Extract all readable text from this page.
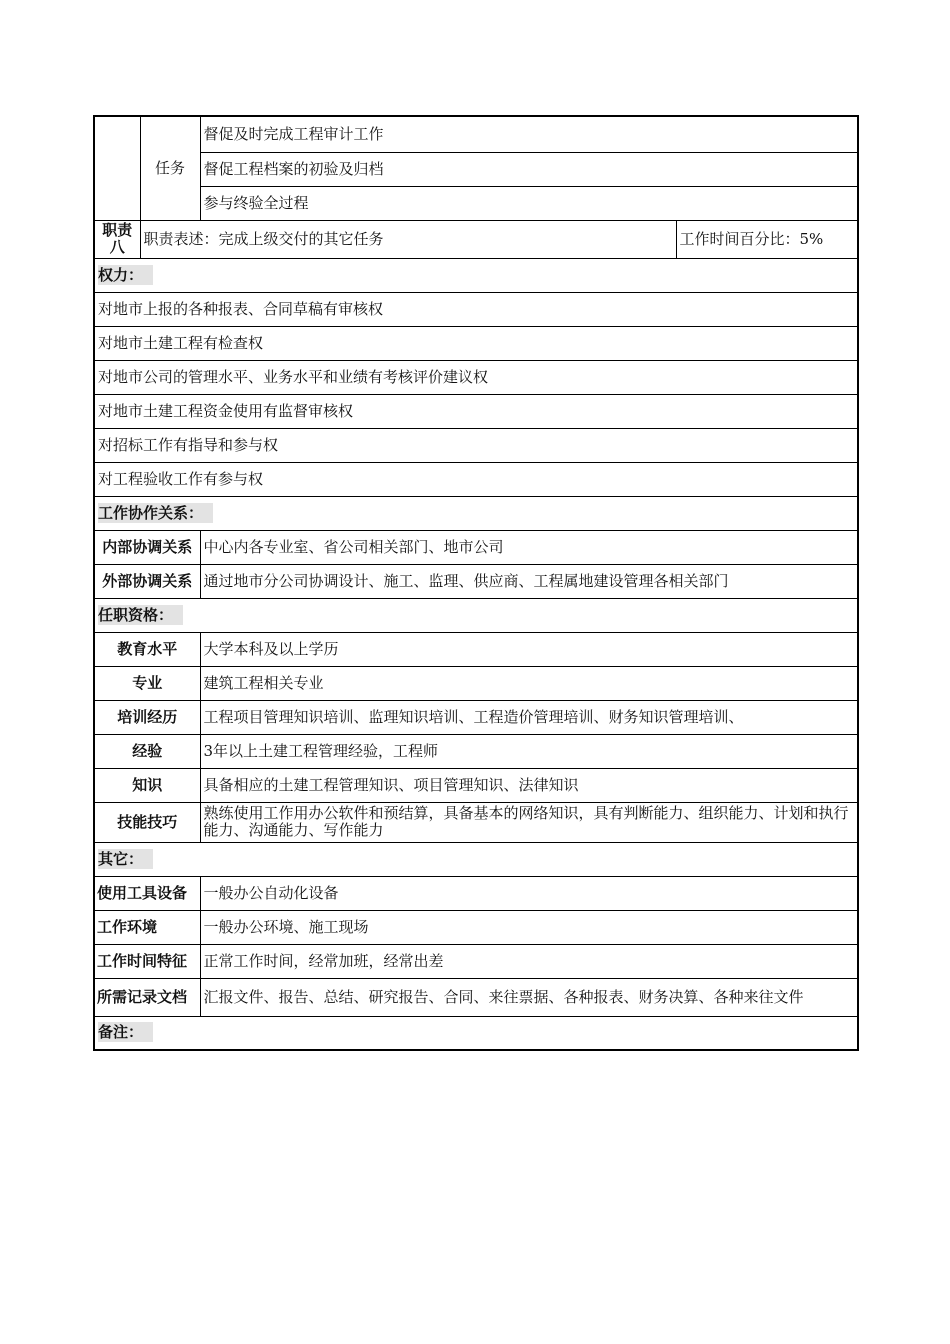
	任务	督促及时完成工程审计工作	
		督促工程档案的初验及归档	
		参与终验全过程	
职责八	职责表述：完成上级交付的其它任务		工作时间百分比：5%
权力：			
对地市上报的各种报表、合同草稿有审核权			
对地市土建工程有检查权			
对地市公司的管理水平、业务水平和业绩有考核评价建议权			
对地市土建工程资金使用有监督审核权			
对招标工作有指导和参与权			
对工程验收工作有参与权			
工作协作关系：			
内部协调关系		中心内各专业室、省公司相关部门、地市公司	
外部协调关系		通过地市分公司协调设计、施工、监理、供应商、工程属地建设管理各相关部门	
任职资格：			
教育水平		大学本科及以上学历	
专业		建筑工程相关专业	
培训经历		工程项目管理知识培训、监理知识培训、工程造价管理培训、财务知识管理培训、	
经验		3年以上土建工程管理经验，工程师	
知识		具备相应的土建工程管理知识、项目管理知识、法律知识	
技能技巧		熟练使用工作用办公软件和预结算，具备基本的网络知识，具有判断能力、组织能力、计划和执行能力、沟通能力、写作能力	
其它：			
使用工具设备		一般办公自动化设备	
工作环境		一般办公环境、施工现场	
工作时间特征		正常工作时间，经常加班，经常出差	
所需记录文档		汇报文件、报告、总结、研究报告、合同、来往票据、各种报表、财务决算、各种来往文件	
备注：			
